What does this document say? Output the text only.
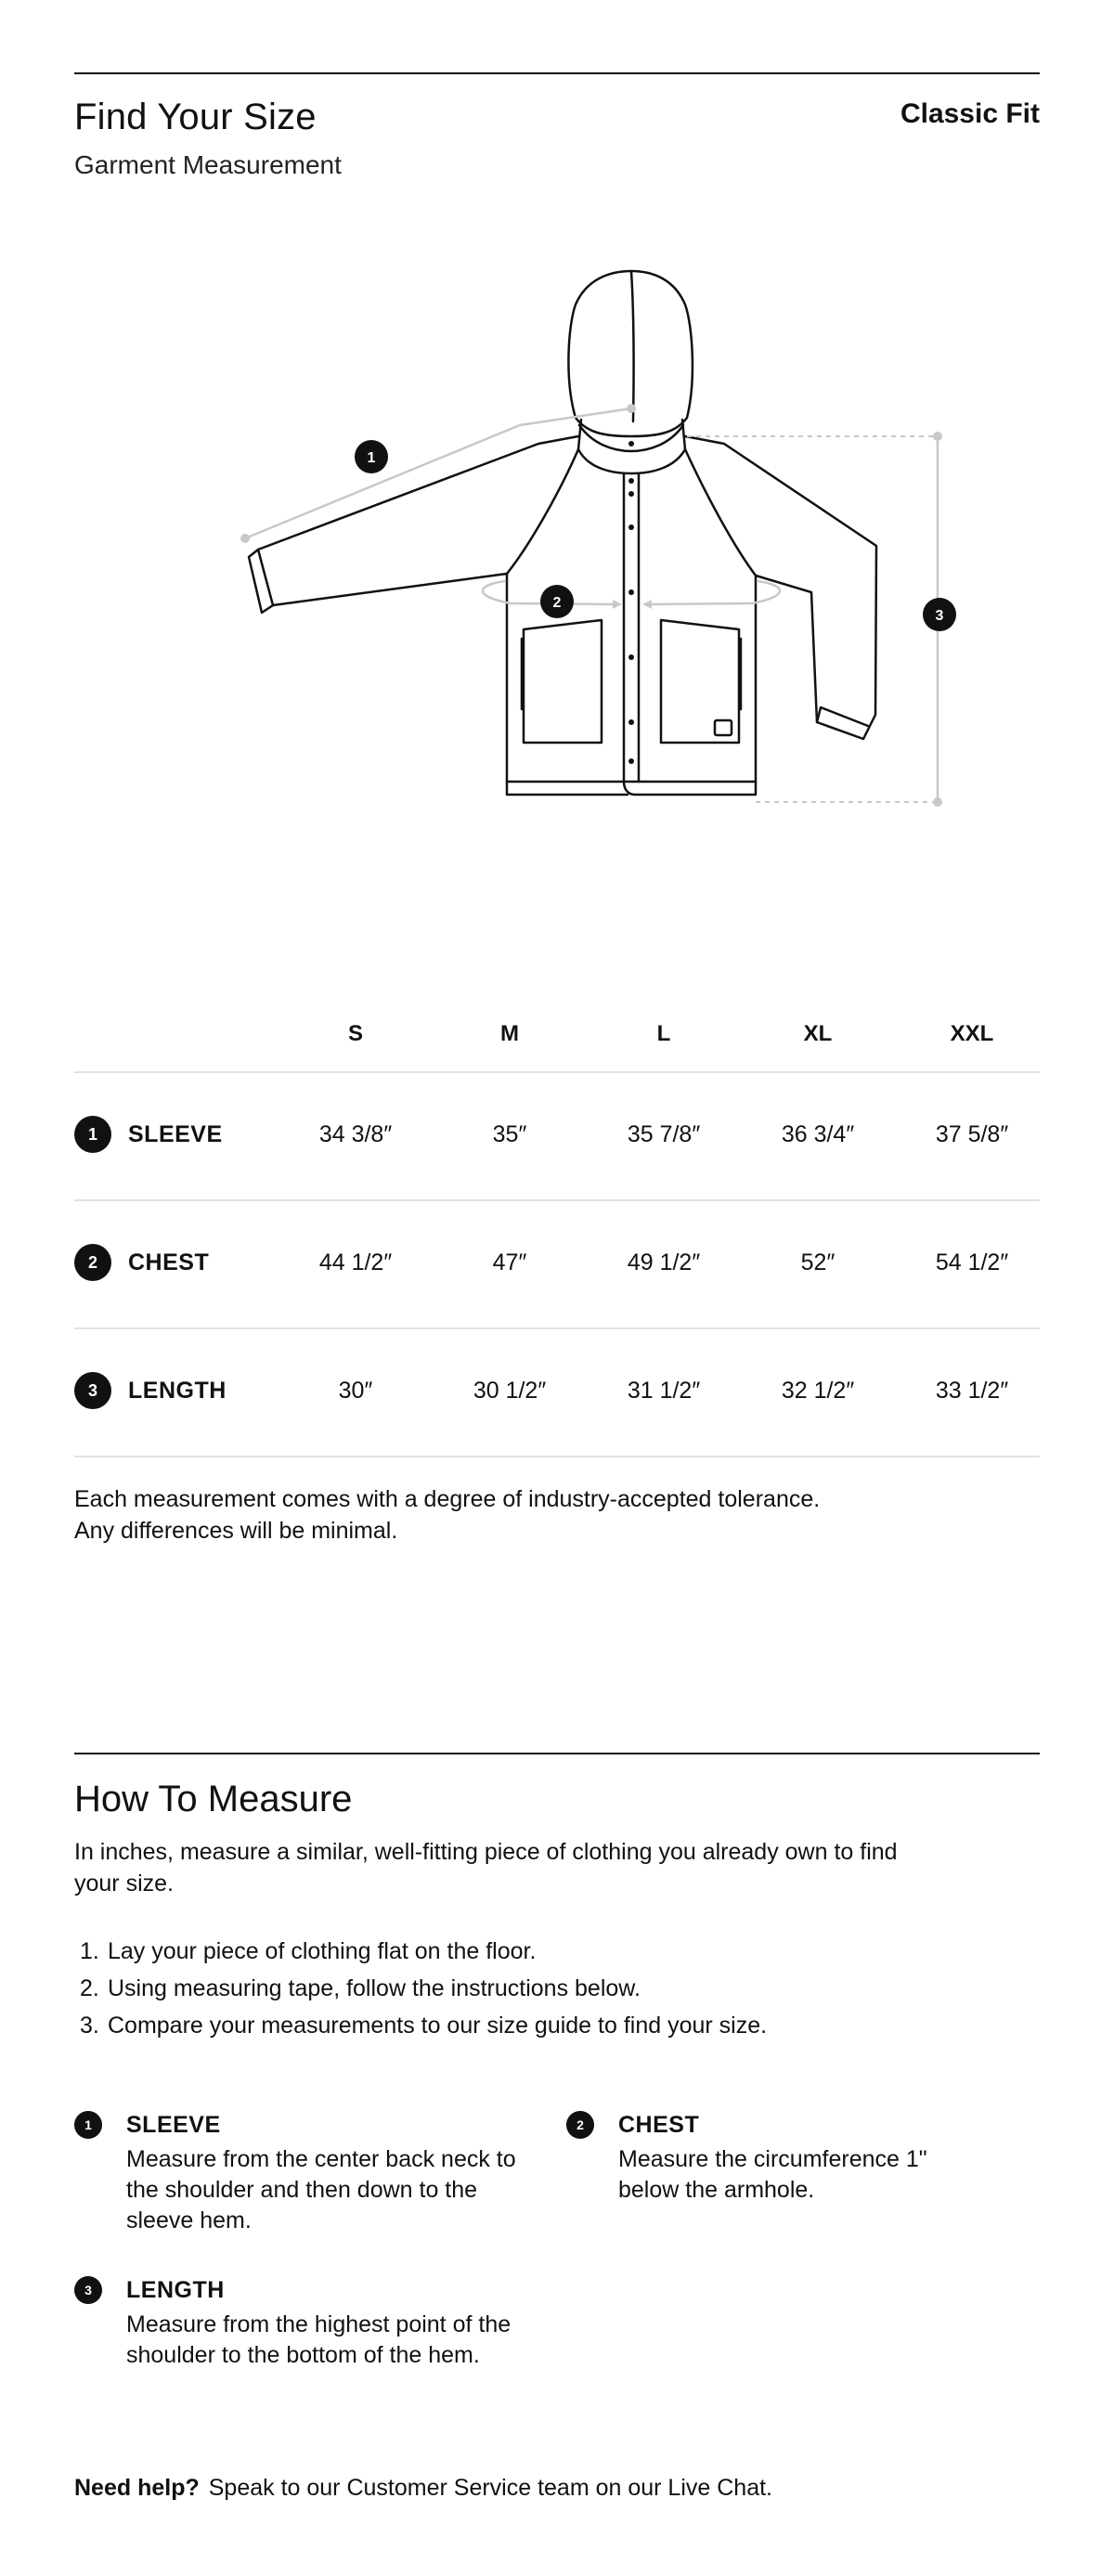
Find Your Size
Garment Measurement
Classic Fit
1
2
3
S	M	L	XL	XXL
1	SLEEVE	34 3/8″	35″	35 7/8″	36 3/4″	37 5/8″
2	CHEST	44 1/2″	47″	49 1/2″	52″	54 1/2″
3	LENGTH	30″	30 1/2″	31 1/2″	32 1/2″	33 1/2″
Each measurement comes with a degree of industry-accepted tolerance.
Any differences will be minimal.
How To Measure
In inches, measure a similar, well-fitting piece of clothing you already own to find your size.
1. Lay your piece of clothing flat on the floor.
2. Using measuring tape, follow the instructions below.
3. Compare your measurements to our size guide to find your size.
1	SLEEVE
Measure from the center back neck to the shoulder and then down to the sleeve hem.
2	CHEST
Measure the circumference 1" below the armhole.
3	LENGTH
Measure from the highest point of the shoulder to the bottom of the hem.
Need help? Speak to our Customer Service team on our Live Chat.
